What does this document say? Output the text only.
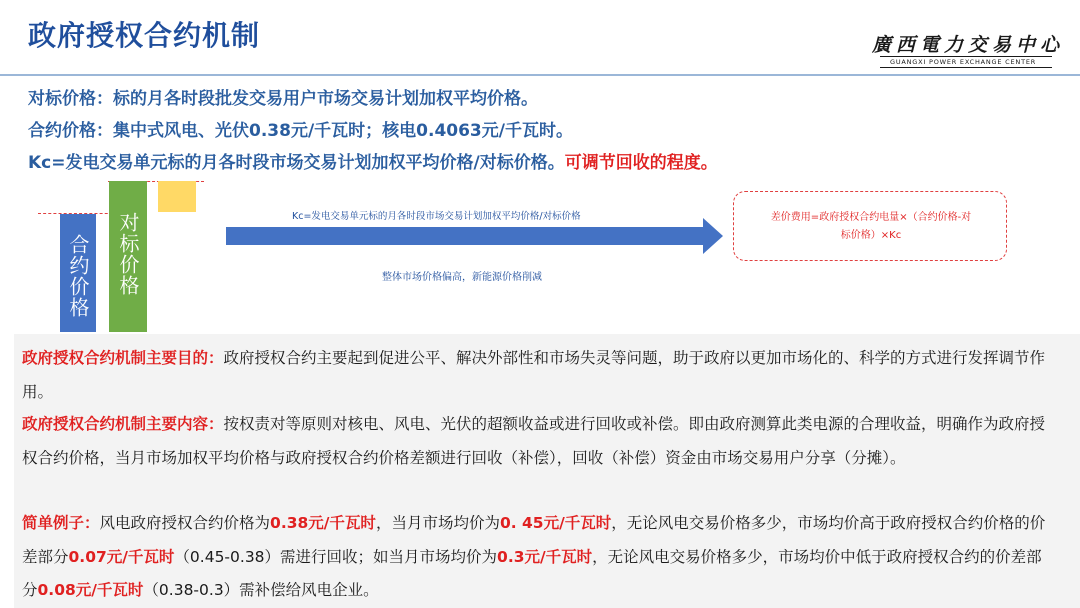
政府授权合约机制	廣西電力交易中心
GUANGXI POWER EXCHANGE CENTER
对标价格：标的月各时段批发交易用户市场交易计划加权平均价格。
合约价格：集中式风电、光伏0.38元/千瓦时；核电0.4063元/千瓦时。
Kc=发电交易单元标的月各时段市场交易计划加权平均价格/对标价格。可调节回收的程度。
合约价格 对标价格	Kc=发电交易单元标的月各时段市场交易计划加权平均价格/对标价格
整体市场价格偏高，新能源价格削减
差价费用=政府授权合约电量×（合约价格-对
标价格）×Kc
政府授权合约机制主要目的：政府授权合约主要起到促进公平、解决外部性和市场失灵等问题，助于政府以更加市场化的、科学的方式进行发挥调节作用。
政府授权合约机制主要内容：按权责对等原则对核电、风电、光伏的超额收益或进行回收或补偿。即由政府测算此类电源的合理收益，明确作为政府授权合约价格，当月市场加权平均价格与政府授权合约价格差额进行回收（补偿），回收（补偿）资金由市场交易用户分享（分摊）。
简单例子：风电政府授权合约价格为0.38元/千瓦时，当月市场均价为0. 45元/千瓦时，无论风电交易价格多少，市场均价高于政府授权合约价格的价差部分0.07元/千瓦时（0.45-0.38）需进行回收；如当月市场均价为0.3元/千瓦时，无论风电交易价格多少，市场均价中低于政府授权合约的价差部分0.08元/千瓦时（0.38-0.3）需补偿给风电企业。
